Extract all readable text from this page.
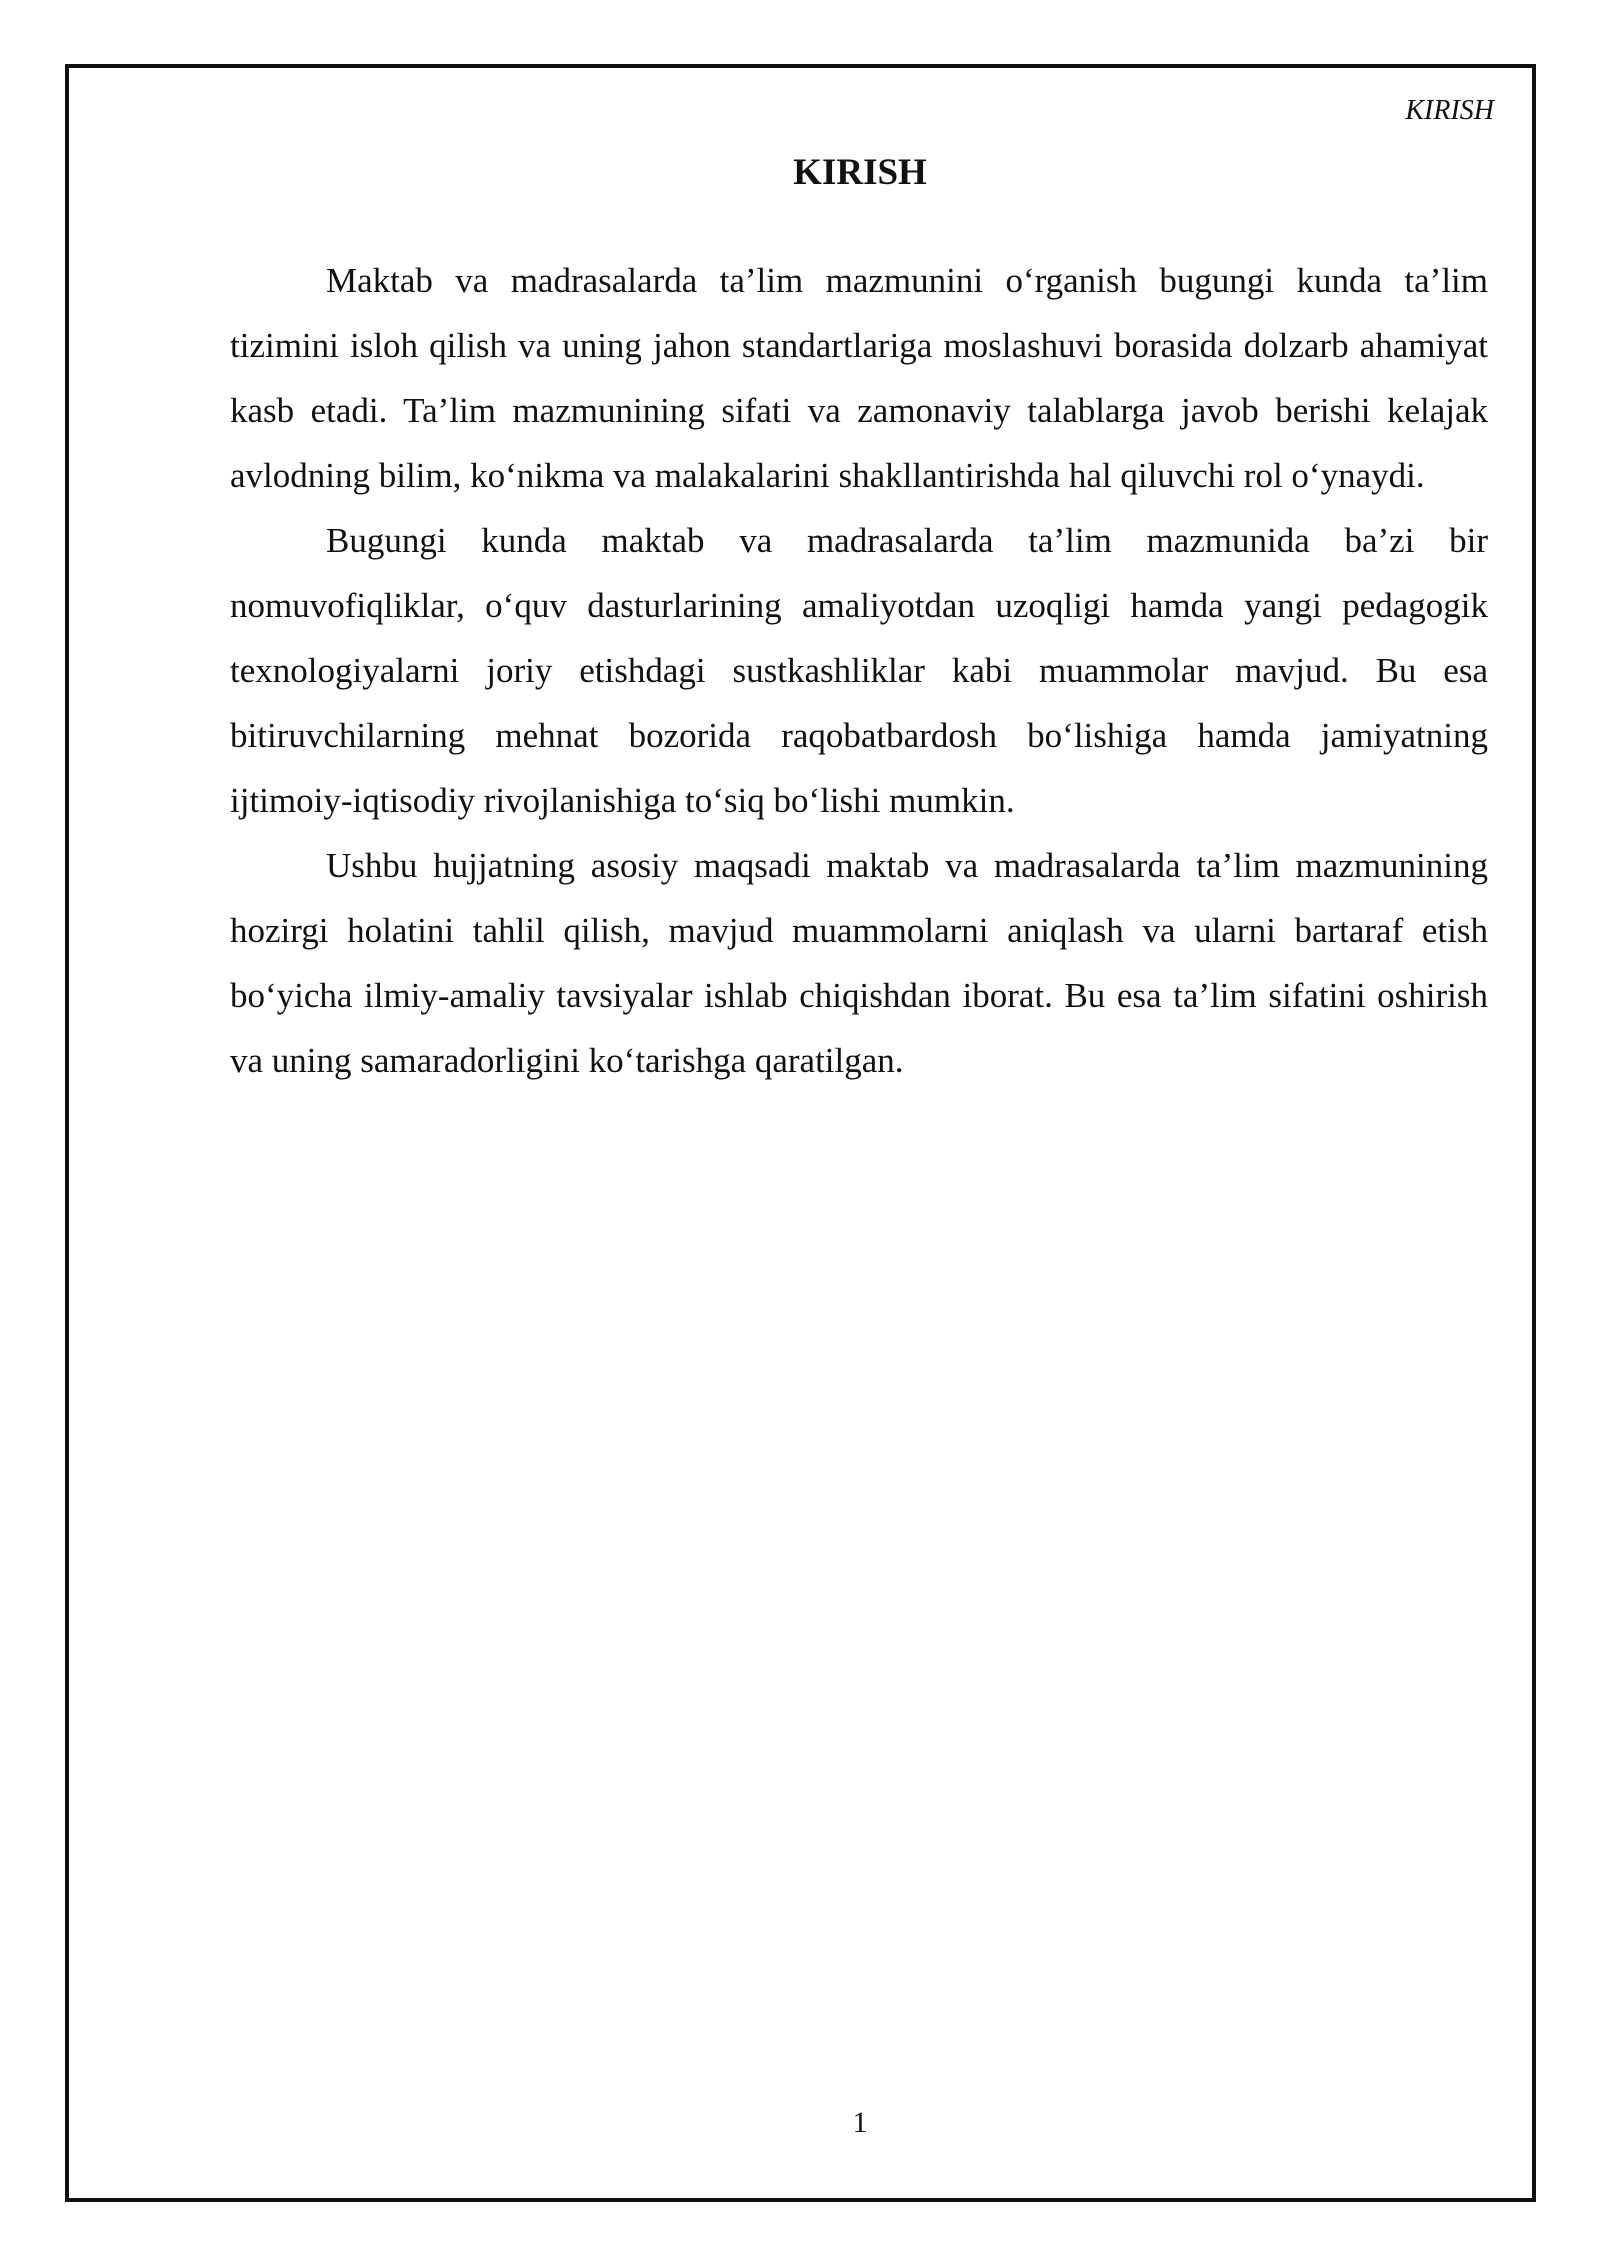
KIRISH
KIRISH

Maktab va madrasalarda ta’lim mazmunini o‘rganish bugungi kunda ta’lim tizimini isloh qilish va uning jahon standartlariga moslashuvi borasida dolzarb ahamiyat kasb etadi. Ta’lim mazmunining sifati va zamonaviy talablarga javob berishi kelajak avlodning bilim, ko‘nikma va malakalarini shakllantirishda hal qiluvchi rol o‘ynaydi.

Bugungi kunda maktab va madrasalarda ta’lim mazmunida ba’zi bir nomuvofiqliklar, o‘quv dasturlarining amaliyotdan uzoqligi hamda yangi pedagogik texnologiyalarni joriy etishdagi sustkashliklar kabi muammolar mavjud. Bu esa bitiruvchilarning mehnat bozorida raqobatbardosh bo‘lishiga hamda jamiyatning ijtimoiy-iqtisodiy rivojlanishiga to‘siq bo‘lishi mumkin.

Ushbu hujjatning asosiy maqsadi maktab va madrasalarda ta’lim mazmunining hozirgi holatini tahlil qilish, mavjud muammolarni aniqlash va ularni bartaraf etish bo‘yicha ilmiy-amaliy tavsiyalar ishlab chiqishdan iborat. Bu esa ta’lim sifatini oshirish va uning samaradorligini ko‘tarishga qaratilgan.

1
